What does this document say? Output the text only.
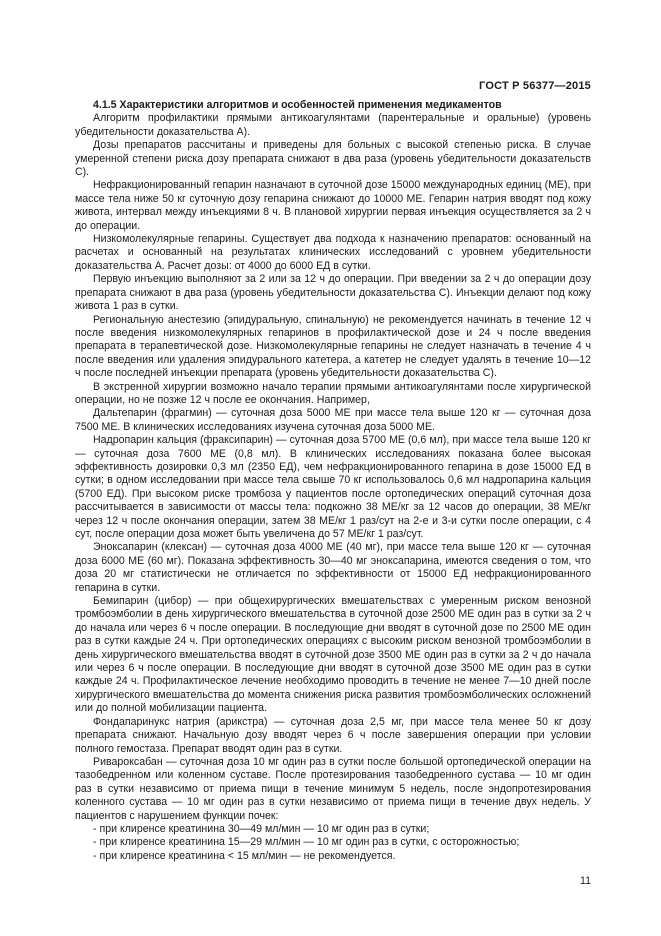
ГОСТ Р 56377—2015

4.1.5 Характеристики алгоритмов и особенностей применения медикаментов

Алгоритм профилактики прямыми антикоагулянтами (парентеральные и оральные) (уровень убедительности доказательства А).

Дозы препаратов рассчитаны и приведены для больных с высокой степенью риска. В случае умеренной степени риска дозу препарата снижают в два раза (уровень убедительности доказательств С).

Нефракционированный гепарин назначают в суточной дозе 15000 международных единиц (МЕ), при массе тела ниже 50 кг суточную дозу гепарина снижают до 10000 МЕ. Гепарин натрия вводят под кожу живота, интервал между инъекциями 8 ч. В плановой хирургии первая инъекция осуществляется за 2 ч до операции.

Низкомолекулярные гепарины. Существует два подхода к назначению препаратов: основанный на расчетах и основанный на результатах клинических исследований с уровнем убедительности доказательства А. Расчет дозы: от 4000 до 6000 ЕД в сутки.

Первую инъекцию выполняют за 2 или за 12 ч до операции. При введении за 2 ч до операции дозу препарата снижают в два раза (уровень убедительности доказательства С). Инъекции делают под кожу живота 1 раз в сутки.

Региональную анестезию (эпидуральную, спинальную) не рекомендуется начинать в течение 12 ч после введения низкомолекулярных гепаринов в профилактической дозе и 24 ч после введения препарата в терапевтической дозе. Низкомолекулярные гепарины не следует назначать в течение 4 ч после введения или удаления эпидурального катетера, а катетер не следует удалять в течение 10—12 ч после последней инъекции препарата (уровень убедительности доказательства С).

В экстренной хирургии возможно начало терапии прямыми антикоагулянтами после хирургической операции, но не позже 12 ч после ее окончания. Например,

Дальтепарин (фрагмин) — суточная доза 5000 МЕ при массе тела выше 120 кг — суточная доза 7500 МЕ. В клинических исследованиях изучена суточная доза 5000 МЕ.

Надропарин кальция (фраксипарин) — суточная доза 5700 МЕ (0,6 мл), при массе тела выше 120 кг — суточная доза 7600 МЕ (0,8 мл). В клинических исследованиях показана более высокая эффективность дозировки 0,3 мл (2350 ЕД), чем нефракционированного гепарина в дозе 15000 ЕД в сутки; в одном исследовании при массе тела свыше 70 кг использовалось 0,6 мл надропарина кальция (5700 ЕД). При высоком риске тромбоза у пациентов после ортопедических операций суточная доза рассчитывается в зависимости от массы тела: подкожно 38 МЕ/кг за 12 часов до операции, 38 МЕ/кг через 12 ч после окончания операции, затем 38 МЕ/кг 1 раз/сут на 2-е и 3-и сутки после операции, с 4 сут, после операции доза может быть увеличена до 57 МЕ/кг 1 раз/сут.

Эноксапарин (клексан) — суточная доза 4000 МЕ (40 мг), при массе тела выше 120 кг — суточная доза 6000 МЕ (60 мг). Показана эффективность 30—40 мг эноксапарина, имеются сведения о том, что доза 20 мг статистически не отличается по эффективности от 15000 ЕД нефракционированного гепарина в сутки.

Бемипарин (цибор) — при общехирургических вмешательствах с умеренным риском венозной тромбоэмболии в день хирургического вмешательства в суточной дозе 2500 МЕ один раз в сутки за 2 ч до начала или через 6 ч после операции. В последующие дни вводят в суточной дозе по 2500 МЕ один раз в сутки каждые 24 ч. При ортопедических операциях с высоким риском венозной тромбоэмболии в день хирургического вмешательства вводят в суточной дозе 3500 МЕ один раз в сутки за 2 ч до начала или через 6 ч после операции. В последующие дни вводят в суточной дозе 3500 МЕ один раз в сутки каждые 24 ч. Профилактическое лечение необходимо проводить в течение не менее 7—10 дней после хирургического вмешательства до момента снижения риска развития тромбоэмболических осложнений или до полной мобилизации пациента.

Фондапаринукс натрия (арикстра) — суточная доза 2,5 мг, при массе тела менее 50 кг дозу препарата снижают. Начальную дозу вводят через 6 ч после завершения операции при условии полного гемостаза. Препарат вводят один раз в сутки.

Ривароксабан — суточная доза 10 мг один раз в сутки после большой ортопедической операции на тазобедренном или коленном суставе. После протезирования тазобедренного сустава — 10 мг один раз в сутки независимо от приема пищи в течение минимум 5 недель, после эндопротезирования коленного сустава — 10 мг один раз в сутки независимо от приема пищи в течение двух недель. У пациентов с нарушением функции почек:

- при клиренсе креатинина 30—49 мл/мин — 10 мг один раз в сутки;

- при клиренсе креатинина 15—29 мл/мин — 10 мг один раз в сутки, с осторожностью;

- при клиренсе креатинина < 15 мл/мин — не рекомендуется.

11
